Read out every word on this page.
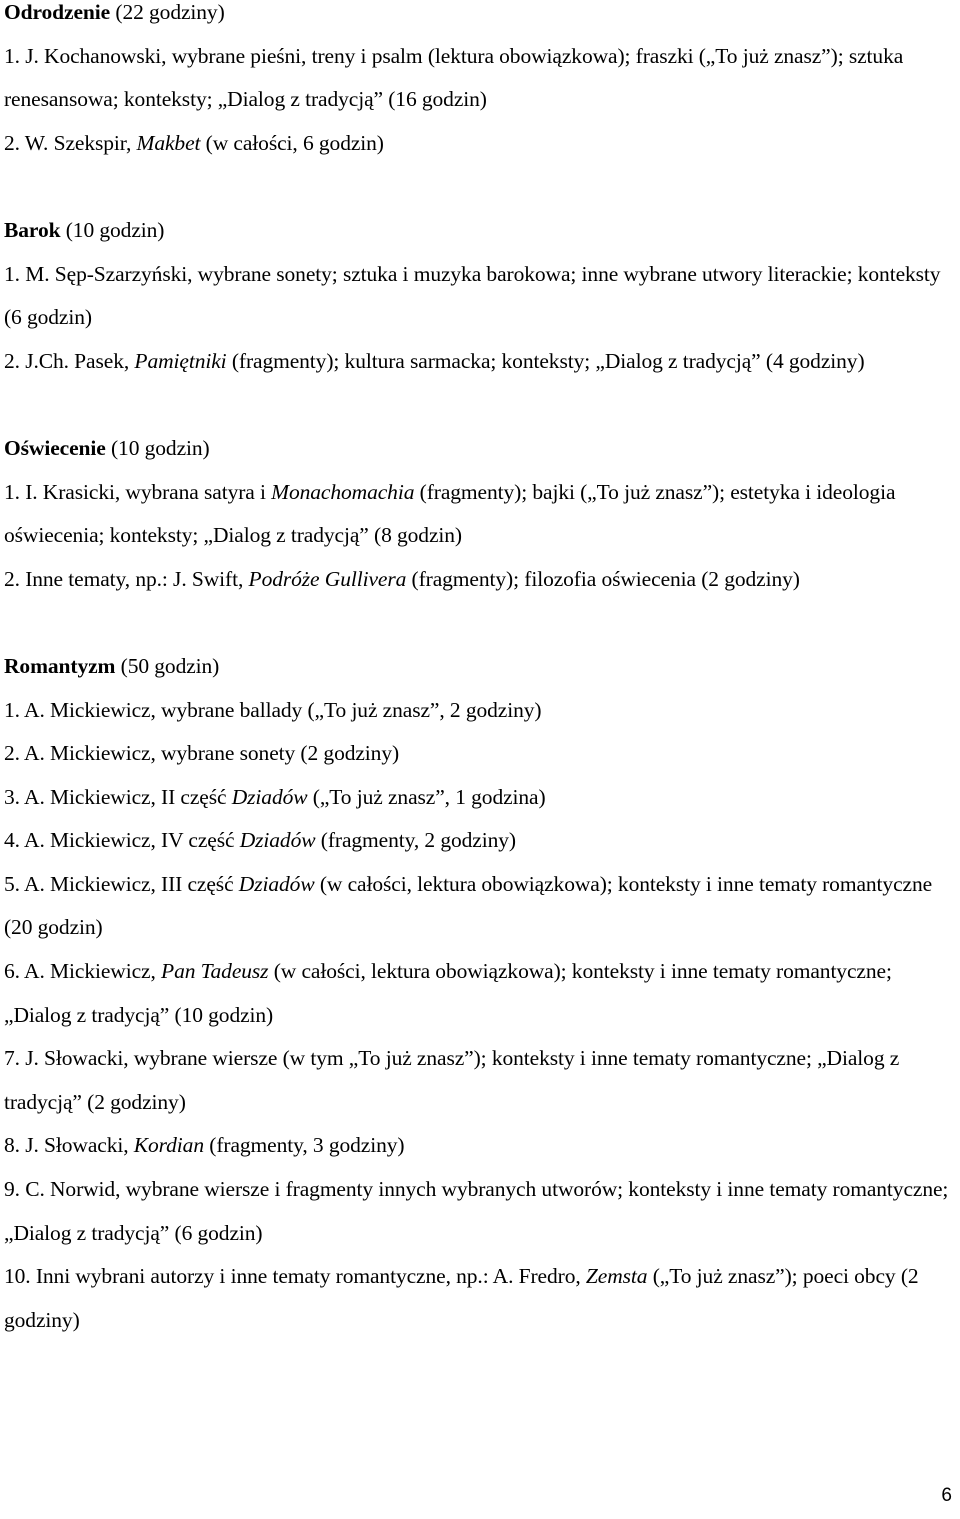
Odrodzenie (22 godziny)

1. J. Kochanowski, wybrane pieśni, treny i psalm (lektura obowiązkowa); fraszki („To już znasz”); sztuka renesansowa; konteksty; „Dialog z tradycją” (16 godzin)

2. W. Szekspir, Makbet (w całości, 6 godzin)

Barok (10 godzin)

1. M. Sęp-Szarzyński, wybrane sonety; sztuka i muzyka barokowa; inne wybrane utwory literackie; konteksty (6 godzin)

2. J.Ch. Pasek, Pamiętniki (fragmenty); kultura sarmacka; konteksty; „Dialog z tradycją” (4 godziny)

Oświecenie (10 godzin)

1. I. Krasicki, wybrana satyra i Monachomachia (fragmenty); bajki („To już znasz”); estetyka i ideologia oświecenia; konteksty; „Dialog z tradycją” (8 godzin)

2. Inne tematy, np.: J. Swift, Podróże Gullivera (fragmenty); filozofia oświecenia (2 godziny)

Romantyzm (50 godzin)

1. A. Mickiewicz, wybrane ballady („To już znasz”, 2 godziny)

2. A. Mickiewicz, wybrane sonety (2 godziny)

3. A. Mickiewicz, II część Dziadów („To już znasz”, 1 godzina)

4. A. Mickiewicz, IV część Dziadów (fragmenty, 2 godziny)

5. A. Mickiewicz, III część Dziadów (w całości, lektura obowiązkowa); konteksty i inne tematy romantyczne (20 godzin)

6. A. Mickiewicz, Pan Tadeusz (w całości, lektura obowiązkowa); konteksty i inne tematy romantyczne; „Dialog z tradycją” (10 godzin)

7. J. Słowacki, wybrane wiersze (w tym „To już znasz”); konteksty i inne tematy romantyczne; „Dialog z tradycją” (2 godziny)

8. J. Słowacki, Kordian (fragmenty, 3 godziny)

9. C. Norwid, wybrane wiersze i fragmenty innych wybranych utworów; konteksty i inne tematy romantyczne; „Dialog z tradycją” (6 godzin)

10. Inni wybrani autorzy i inne tematy romantyczne, np.: A. Fredro, Zemsta („To już znasz”); poeci obcy (2 godziny)

6
